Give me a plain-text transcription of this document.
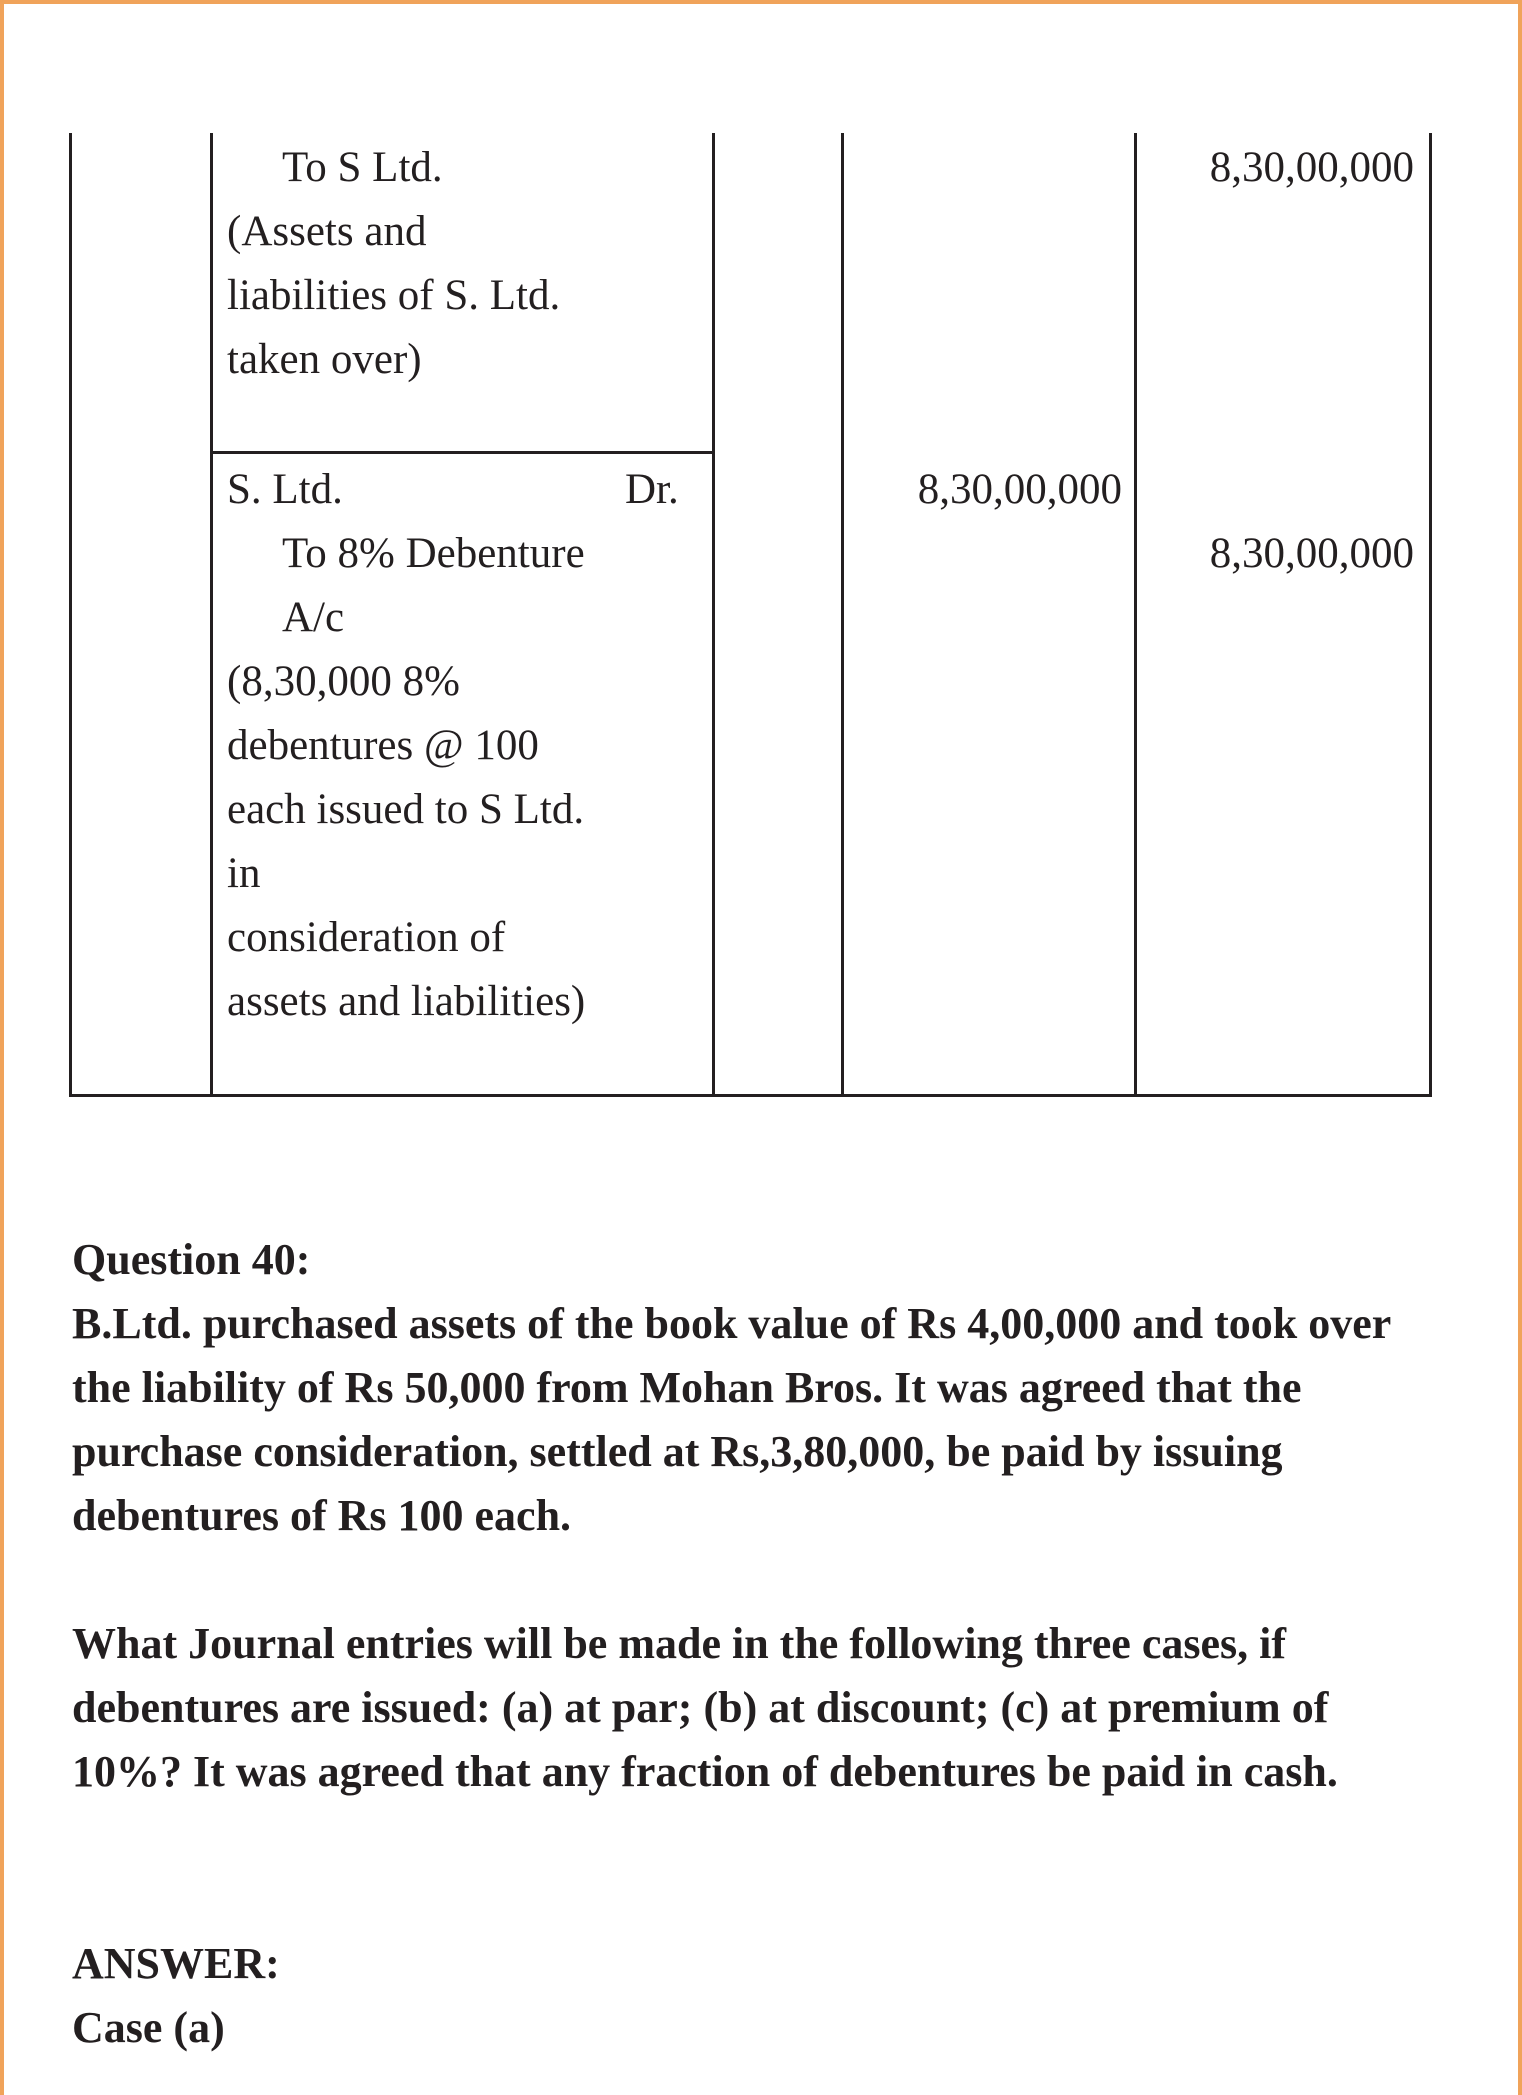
To S Ltd.
(Assets and
liabilities of S. Ltd.
taken over)
8,30,00,000
S. Ltd.	Dr.
To 8% Debenture
A/c
(8,30,000 8%
debentures @ 100
each issued to S Ltd.
in
consideration of
assets and liabilities)
8,30,00,000
8,30,00,000
Question 40:
B.Ltd. purchased assets of the book value of Rs 4,00,000 and took over the liability of Rs 50,000 from Mohan Bros. It was agreed that the purchase consideration, settled at Rs,3,80,000, be paid by issuing debentures of Rs 100 each.
What Journal entries will be made in the following three cases, if debentures are issued: (a) at par; (b) at discount; (c) at premium of 10%? It was agreed that any fraction of debentures be paid in cash.
ANSWER:
Case (a)
